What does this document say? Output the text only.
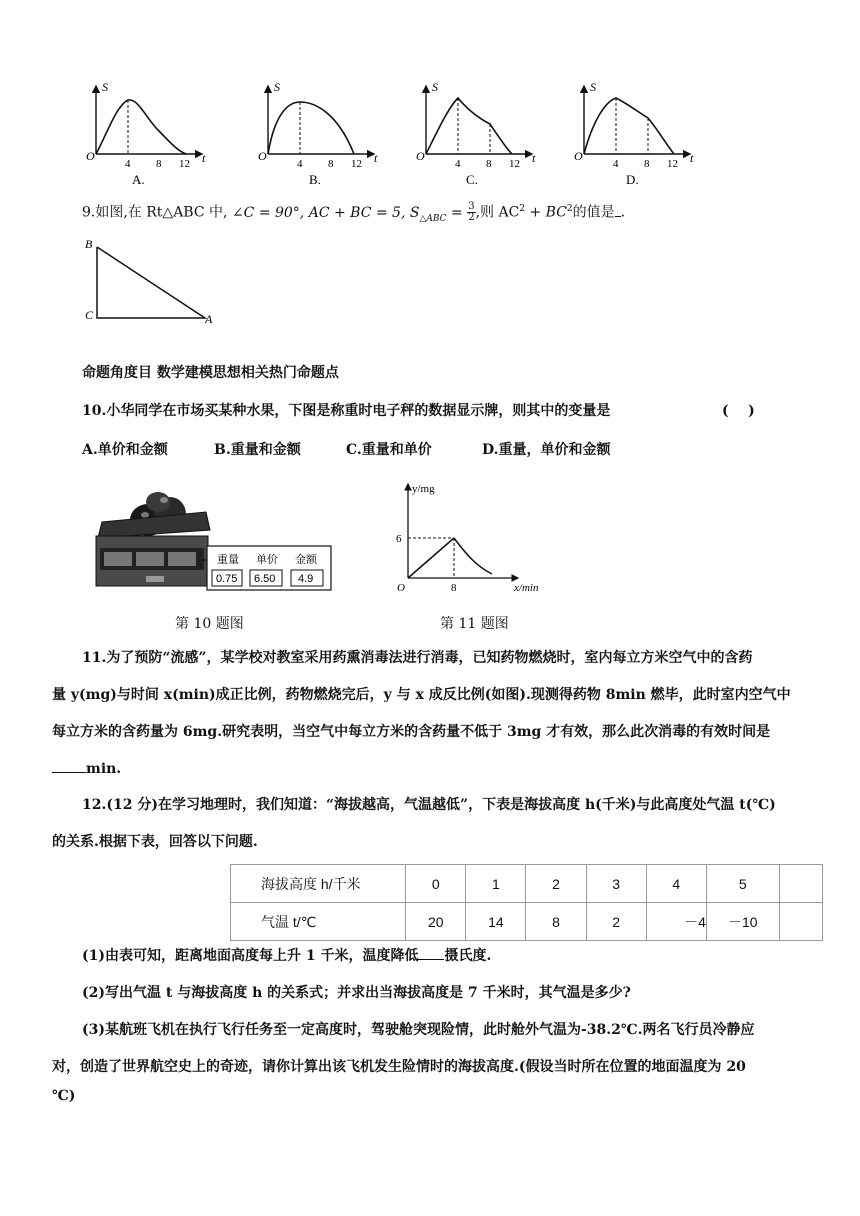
S
t
O
4 8 12
A.
S
t
O
4 8 12
B.
S
t
O
4 8 12
C.
S
t
O
4 8 12
D.
9.如图,在 Rt△ABC 中, ∠C = 90°, AC + BC = 5, $S_{\triangle ABC} = \frac{3}{2}$ ,则 $AC^2 + BC^2$的值是 .
B
C	A
命题角度目 数学建模思想相关热门命题点
10.小华同学在市场买某种水果，下图是称重时电子秤的数据显示牌，则其中的变量是	(    )
A.单价和金额	B.重量和金额	C.重量和单价	D.重量，单价和金额
重量 单价 金额
0.75 6.50 4.9
第 10 题图
y/mg
x/min
O
6
8
第 11 题图
11.为了预防“流感”，某学校对教室采用药熏消毒法进行消毒，已知药物燃烧时，室内每立方米空气中的含药
量 y(mg)与时间 x(min)成正比例，药物燃烧完后，y 与 x 成反比例(如图).现测得药物 8min 燃毕，此时室内空气中
每立方米的含药量为 6mg.研究表明，当空气中每立方米的含药量不低于 3mg 才有效，那么此次消毒的有效时间是
min.
12.(12 分)在学习地理时，我们知道：“海拔越高，气温越低”，下表是海拔高度 h(千米)与此高度处气温 t(℃)
的关系.根据下表，回答以下问题.
海拔高度 h/千米	0	1	2	3	4	5	
气温 t/℃	20	14	8	2	－4	－10	
(1)由表可知，距离地面高度每上升 1 千米，温度降低 摄氏度.
(2)写出气温 t 与海拔高度 h 的关系式；并求出当海拔高度是 7 千米时，其气温是多少?
(3)某航班飞机在执行飞行任务至一定高度时，驾驶舱突现险情，此时舱外气温为-38.2℃.两名飞行员冷静应
对，创造了世界航空史上的奇迹，请你计算出该飞机发生险情时的海拔高度.(假设当时所在位置的地面温度为 20
℃)
